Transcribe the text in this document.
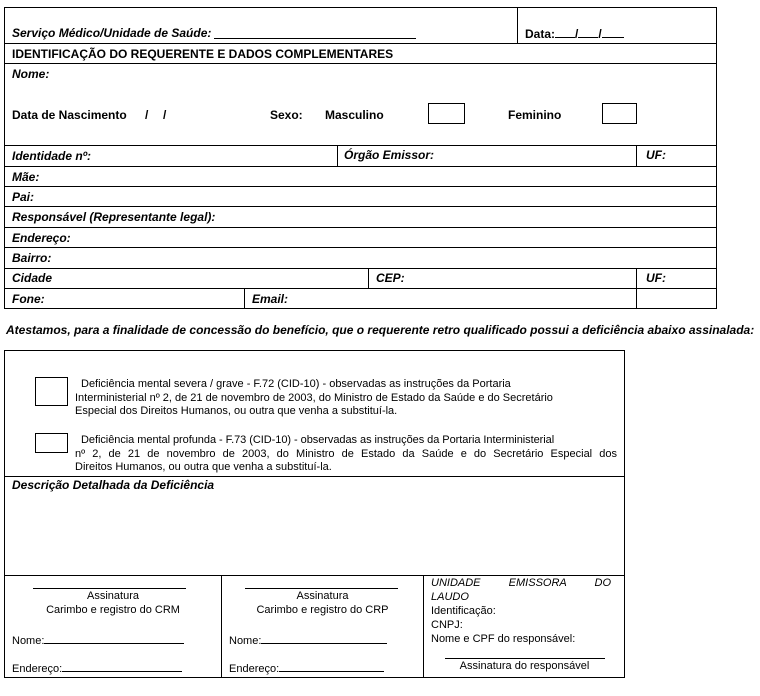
Serviço Médico/Unidade de Saúde:	Data: / /
IDENTIFICAÇÃO DO REQUERENTE E DADOS COMPLEMENTARES
Nome:
Data de Nascimento / /	Sexo: Masculino	Feminino
Identidade nº:	Órgão Emissor:	UF:
Mãe:
Pai:
Responsável (Representante legal):
Endereço:
Bairro:
Cidade	CEP:	UF:
Fone:	Email:
Atestamos, para a finalidade de concessão do benefício, que o requerente retro qualificado possui a deficiência abaixo assinalada:
Deficiência mental severa / grave - F.72 (CID-10) - observadas as instruções da Portaria
Interministerial nº 2, de 21 de novembro de 2003, do Ministro de Estado da Saúde e do Secretário
Especial dos Direitos Humanos, ou outra que venha a substituí-la.
Deficiência mental profunda - F.73 (CID-10) - observadas as instruções da Portaria Interministerial
nº 2, de 21 de novembro de 2003, do Ministro de Estado da Saúde e do Secretário Especial dos
Direitos Humanos, ou outra que venha a substituí-la.
Descrição Detalhada da Deficiência
Assinatura
Carimbo e registro do CRM
Nome:
Endereço:
Assinatura
Carimbo e registro do CRP
Nome:
Endereço:
UNIDADE EMISSORA DO
LAUDO
Identificação:
CNPJ:
Nome e CPF do responsável:
Assinatura do responsável
